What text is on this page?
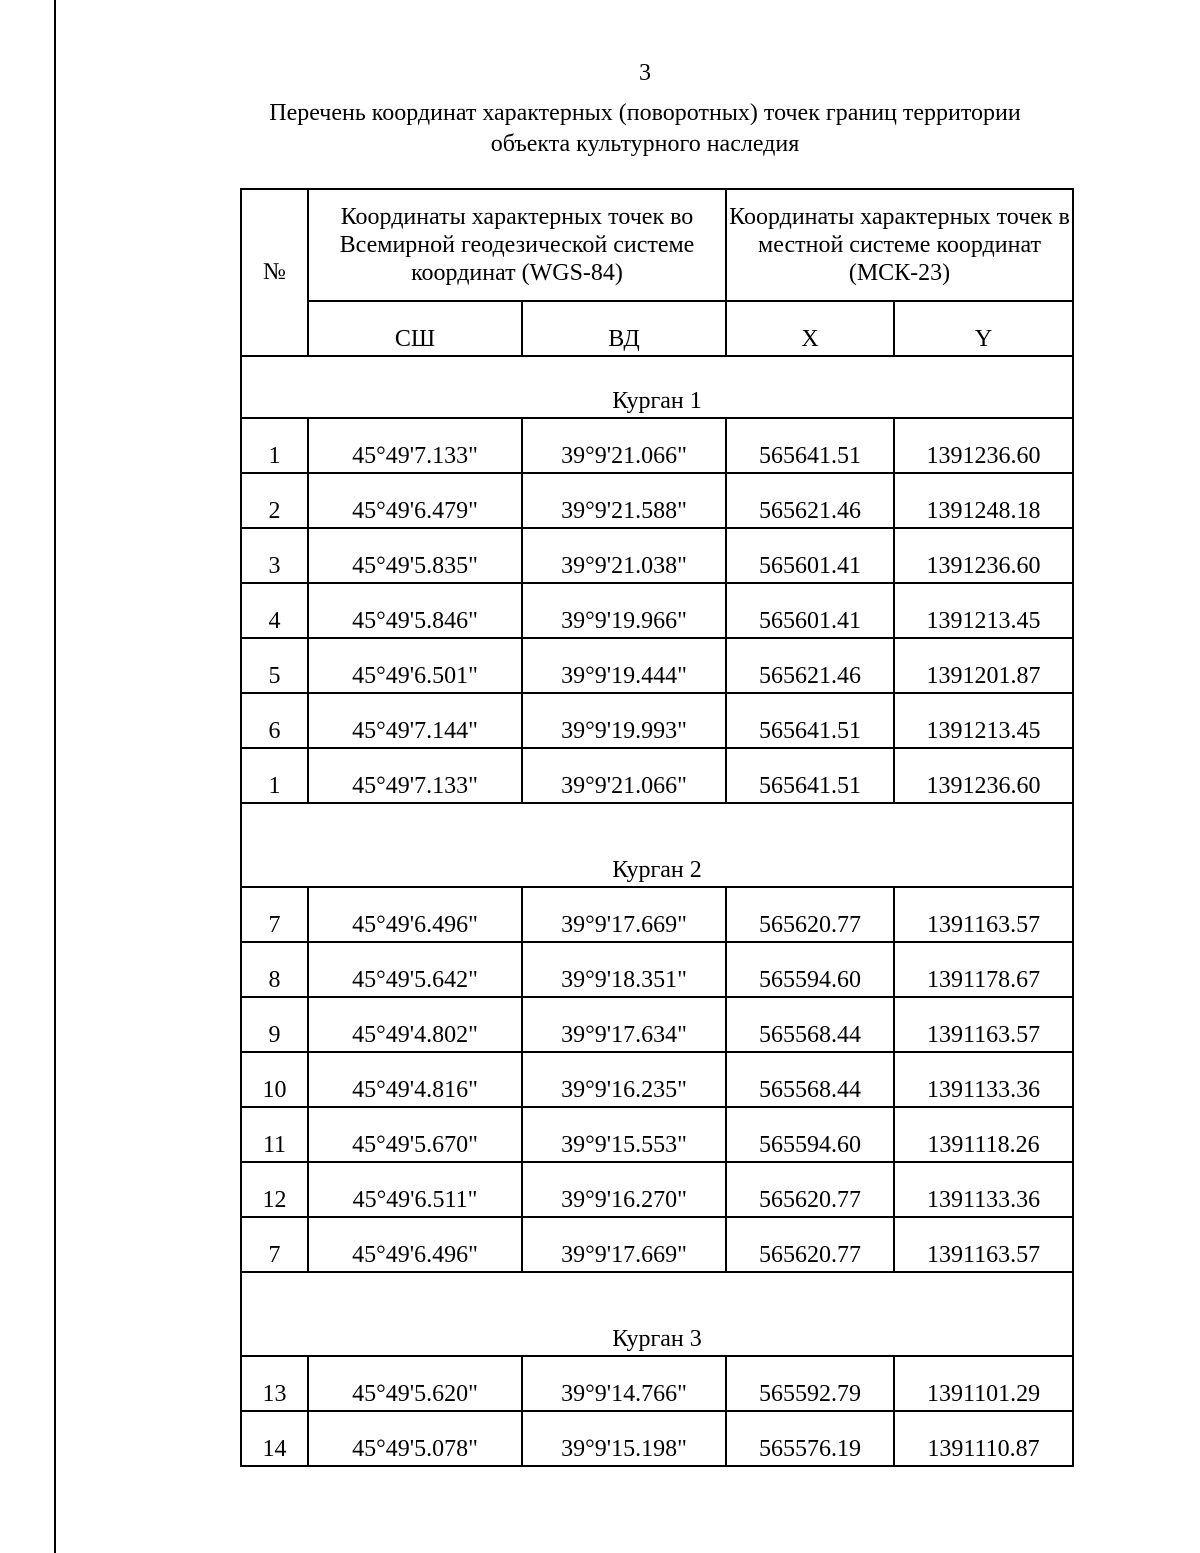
3
Перечень координат характерных (поворотных) точек границ территории
объекта культурного наследия
№	Координаты характерных точек во Всемирной геодезической системе координат (WGS-84)		Координаты характерных точек в местной системе координат (МСК-23)	
	СШ	ВД	X	Y
Курган 1				
1	45°49'7.133"	39°9'21.066"	565641.51	1391236.60
2	45°49'6.479"	39°9'21.588"	565621.46	1391248.18
3	45°49'5.835"	39°9'21.038"	565601.41	1391236.60
4	45°49'5.846"	39°9'19.966"	565601.41	1391213.45
5	45°49'6.501"	39°9'19.444"	565621.46	1391201.87
6	45°49'7.144"	39°9'19.993"	565641.51	1391213.45
1	45°49'7.133"	39°9'21.066"	565641.51	1391236.60
Курган 2				
7	45°49'6.496"	39°9'17.669"	565620.77	1391163.57
8	45°49'5.642"	39°9'18.351"	565594.60	1391178.67
9	45°49'4.802"	39°9'17.634"	565568.44	1391163.57
10	45°49'4.816"	39°9'16.235"	565568.44	1391133.36
11	45°49'5.670"	39°9'15.553"	565594.60	1391118.26
12	45°49'6.511"	39°9'16.270"	565620.77	1391133.36
7	45°49'6.496"	39°9'17.669"	565620.77	1391163.57
Курган 3				
13	45°49'5.620"	39°9'14.766"	565592.79	1391101.29
14	45°49'5.078"	39°9'15.198"	565576.19	1391110.87
